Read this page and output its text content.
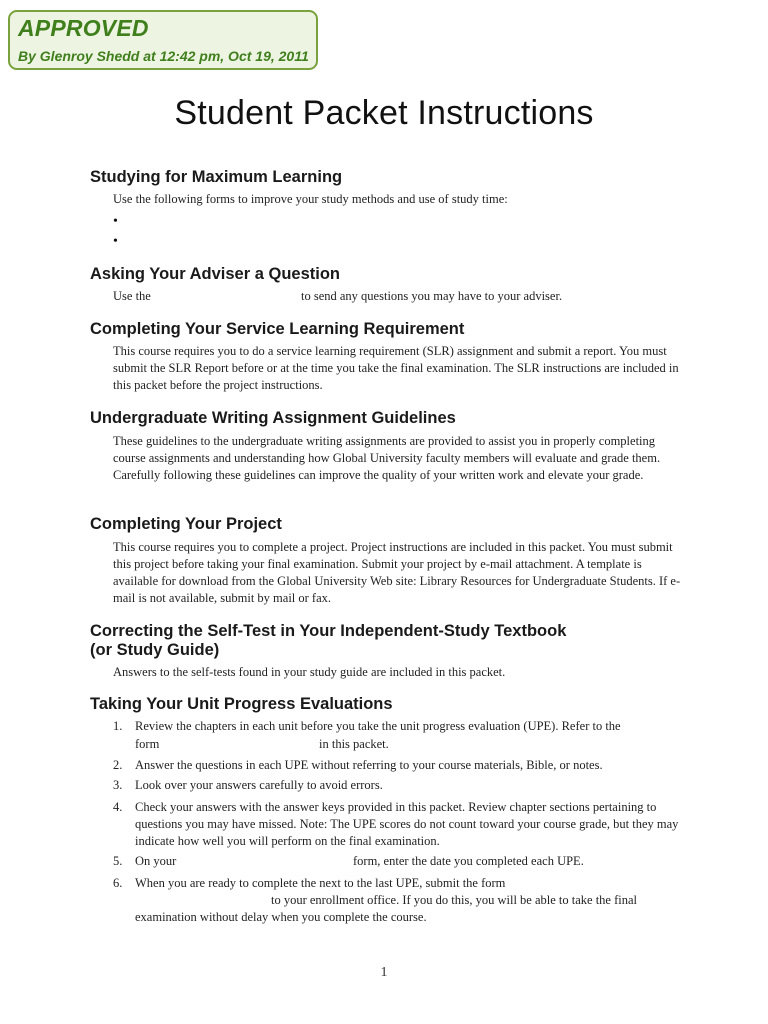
APPROVED
By Glenroy Shedd at 12:42 pm, Oct 19, 2011
Student Packet Instructions
Studying for Maximum Learning

Use the following forms to improve your study methods and use of study time:

•
•
Asking Your Adviser a Question
Use the	to send any questions you may have to your adviser.
Completing Your Service Learning Requirement

This course requires you to do a service learning requirement (SLR) assignment and submit a report. You must submit the SLR Report before or at the time you take the final examination. The SLR instructions are included in this packet before the project instructions.

Undergraduate Writing Assignment Guidelines

These guidelines to the undergraduate writing assignments are provided to assist you in properly completing course assignments and understanding how Global University faculty members will evaluate and grade them. Carefully following these guidelines can improve the quality of your written work and elevate your grade.

Completing Your Project

This course requires you to complete a project. Project instructions are included in this packet. You must submit this project before taking your final examination. Submit your project by e-mail attachment. A template is available for download from the Global University Web site: Library Resources for Undergraduate Students. If e-mail is not available, submit by mail or fax.

Correcting the Self-Test in Your Independent-Study Textbook
(or Study Guide)

Answers to the self-tests found in your study guide are included in this packet.

Taking Your Unit Progress Evaluations
1. Review the chapters in each unit before you take the unit progress evaluation (UPE). Refer to the
form	in this packet.
2. Answer the questions in each UPE without referring to your course materials, Bible, or notes.
3. Look over your answers carefully to avoid errors.
4. Check your answers with the answer keys provided in this packet. Review chapter sections pertaining to questions you may have missed. Note: The UPE scores do not count toward your course grade, but they may indicate how well you will perform on the final examination.
5. On your	form, enter the date you completed each UPE.
6. When you are ready to complete the next to the last UPE, submit the form
to your enrollment office. If you do this, you will be able to take the final
examination without delay when you complete the course.
1
